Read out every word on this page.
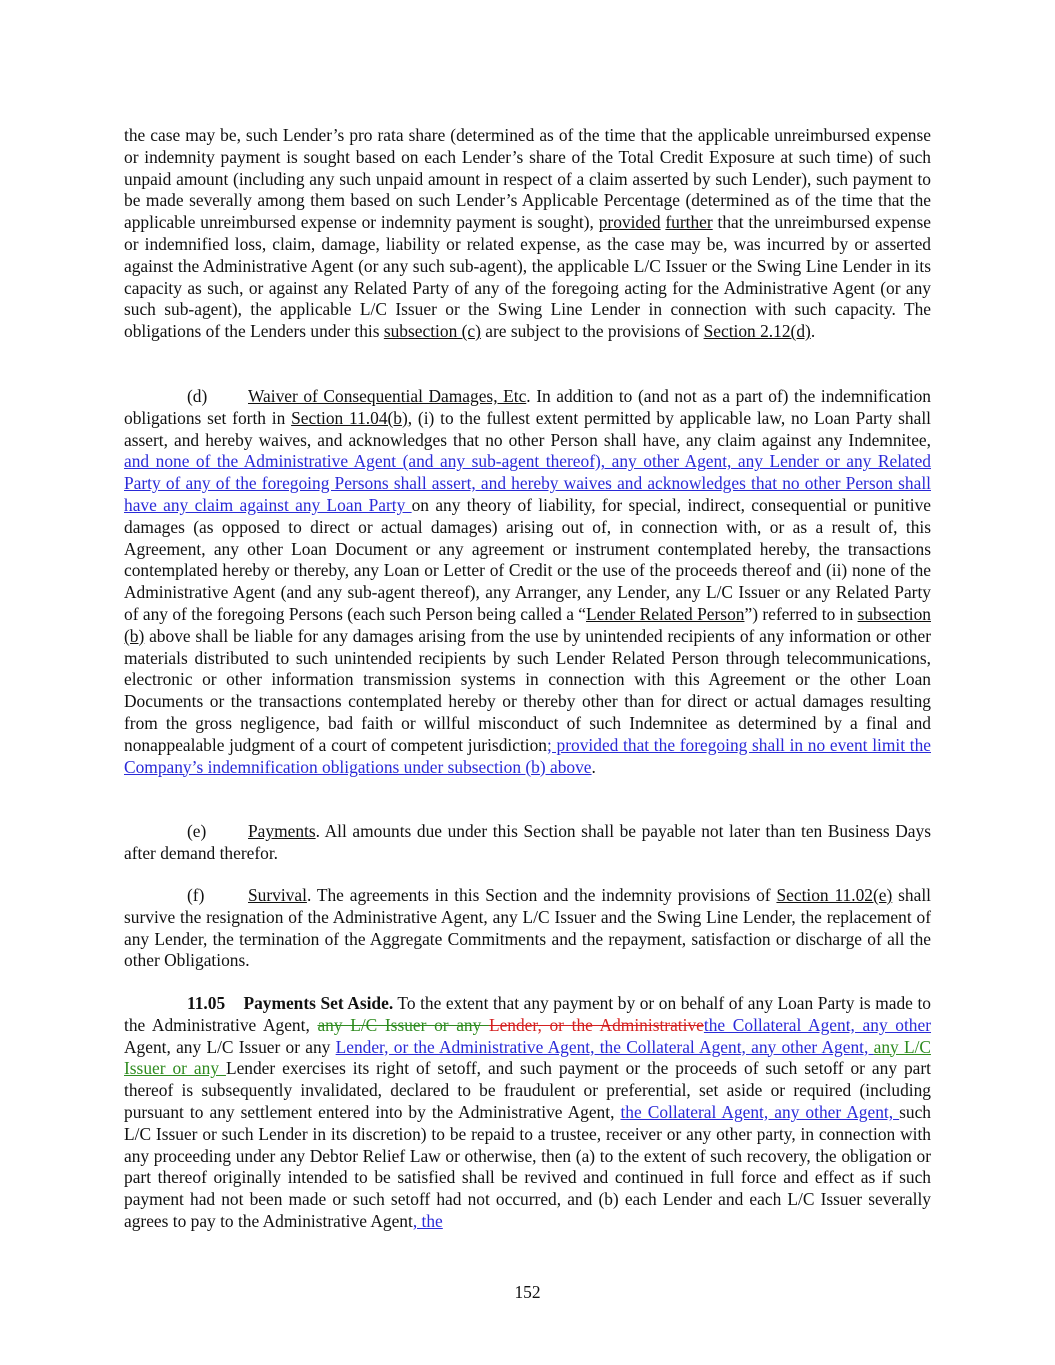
the case may be, such Lender’s pro rata share (determined as of the time that the applicable unreimbursed expense or indemnity payment is sought based on each Lender’s share of the Total Credit Exposure at such time) of such unpaid amount (including any such unpaid amount in respect of a claim asserted by such Lender), such payment to be made severally among them based on such Lender’s Applicable Percentage (determined as of the time that the applicable unreimbursed expense or indemnity payment is sought), provided further that the unreimbursed expense or indemnified loss, claim, damage, liability or related expense, as the case may be, was incurred by or asserted against the Administrative Agent (or any such sub-agent), the applicable L/C Issuer or the Swing Line Lender in its capacity as such, or against any Related Party of any of the foregoing acting for the Administrative Agent (or any such sub-agent), the applicable L/C Issuer or the Swing Line Lender in connection with such capacity. The obligations of the Lenders under this subsection (c) are subject to the provisions of Section 2.12(d).

(d) Waiver of Consequential Damages, Etc. In addition to (and not as a part of) the indemnification obligations set forth in Section 11.04(b), (i) to the fullest extent permitted by applicable law, no Loan Party shall assert, and hereby waives, and acknowledges that no other Person shall have, any claim against any Indemnitee, and none of the Administrative Agent (and any sub-agent thereof), any other Agent, any Lender or any Related Party of any of the foregoing Persons shall assert, and hereby waives and acknowledges that no other Person shall have any claim against any Loan Party on any theory of liability, for special, indirect, consequential or punitive damages (as opposed to direct or actual damages) arising out of, in connection with, or as a result of, this Agreement, any other Loan Document or any agreement or instrument contemplated hereby, the transactions contemplated hereby or thereby, any Loan or Letter of Credit or the use of the proceeds thereof and (ii) none of the Administrative Agent (and any sub-agent thereof), any Arranger, any Lender, any L/C Issuer or any Related Party of any of the foregoing Persons (each such Person being called a “Lender Related Person”) referred to in subsection (b) above shall be liable for any damages arising from the use by unintended recipients of any information or other materials distributed to such unintended recipients by such Lender Related Person through telecommunications, electronic or other information transmission systems in connection with this Agreement or the other Loan Documents or the transactions contemplated hereby or thereby other than for direct or actual damages resulting from the gross negligence, bad faith or willful misconduct of such Indemnitee as determined by a final and nonappealable judgment of a court of competent jurisdiction; provided that the foregoing shall in no event limit the Company’s indemnification obligations under subsection (b) above.

(e) Payments. All amounts due under this Section shall be payable not later than ten Business Days after demand therefor.

(f)	Survival. The agreements in this Section and the indemnity provisions of Section 11.02(e) shall survive the resignation of the Administrative Agent, any L/C Issuer and the Swing Line Lender, the replacement of any Lender, the termination of the Aggregate Commitments and the repayment, satisfaction or discharge of all the other Obligations.

11.05 Payments Set Aside. To the extent that any payment by or on behalf of any Loan Party is made to the Administrative Agent, any L/C Issuer or any Lender, or the Administrativethe Collateral Agent, any other Agent, any L/C Issuer or any Lender, or the Administrative Agent, the Collateral Agent, any other Agent, any L/C Issuer or any Lender exercises its right of setoff, and such payment or the proceeds of such setoff or any part thereof is subsequently invalidated, declared to be fraudulent or preferential, set aside or required (including pursuant to any settlement entered into by the Administrative Agent, the Collateral Agent, any other Agent, such L/C Issuer or such Lender in its discretion) to be repaid to a trustee, receiver or any other party, in connection with any proceeding under any Debtor Relief Law or otherwise, then (a) to the extent of such recovery, the obligation or part thereof originally intended to be satisfied shall be revived and continued in full force and effect as if such payment had not been made or such setoff had not occurred, and (b) each Lender and each L/C Issuer severally agrees to pay to the Administrative Agent, the

152
